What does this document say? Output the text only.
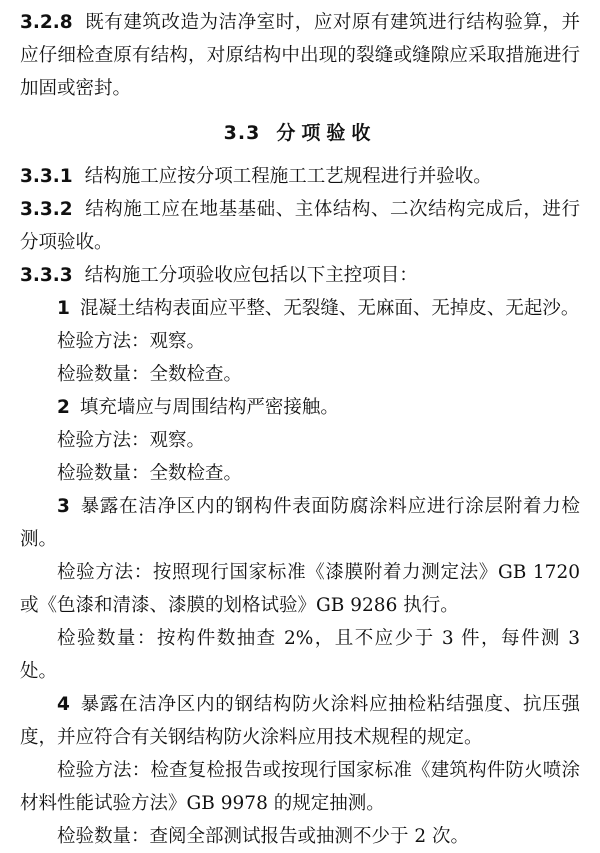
3.2.8 既有建筑改造为洁净室时，应对原有建筑进行结构验算，并应仔细检查原有结构，对原结构中出现的裂缝或缝隙应采取措施进行加固或密封。

3.3 分项验收

3.3.1 结构施工应按分项工程施工工艺规程进行并验收。

3.3.2 结构施工应在地基基础、主体结构、二次结构完成后，进行分项验收。

3.3.3 结构施工分项验收应包括以下主控项目：

1 混凝土结构表面应平整、无裂缝、无麻面、无掉皮、无起沙。

检验方法：观察。

检验数量：全数检查。

2 填充墙应与周围结构严密接触。

检验方法：观察。

检验数量：全数检查。

3 暴露在洁净区内的钢构件表面防腐涂料应进行涂层附着力检测。

检验方法：按照现行国家标准《漆膜附着力测定法》GB 1720或《色漆和清漆、漆膜的划格试验》GB 9286 执行。

检验数量：按构件数抽查 2%，且不应少于 3 件，每件测 3 处。

4 暴露在洁净区内的钢结构防火涂料应抽检粘结强度、抗压强度，并应符合有关钢结构防火涂料应用技术规程的规定。

检验方法：检查复检报告或按现行国家标准《建筑构件防火喷涂材料性能试验方法》GB 9978 的规定抽测。

检验数量：查阅全部测试报告或抽测不少于 2 次。
